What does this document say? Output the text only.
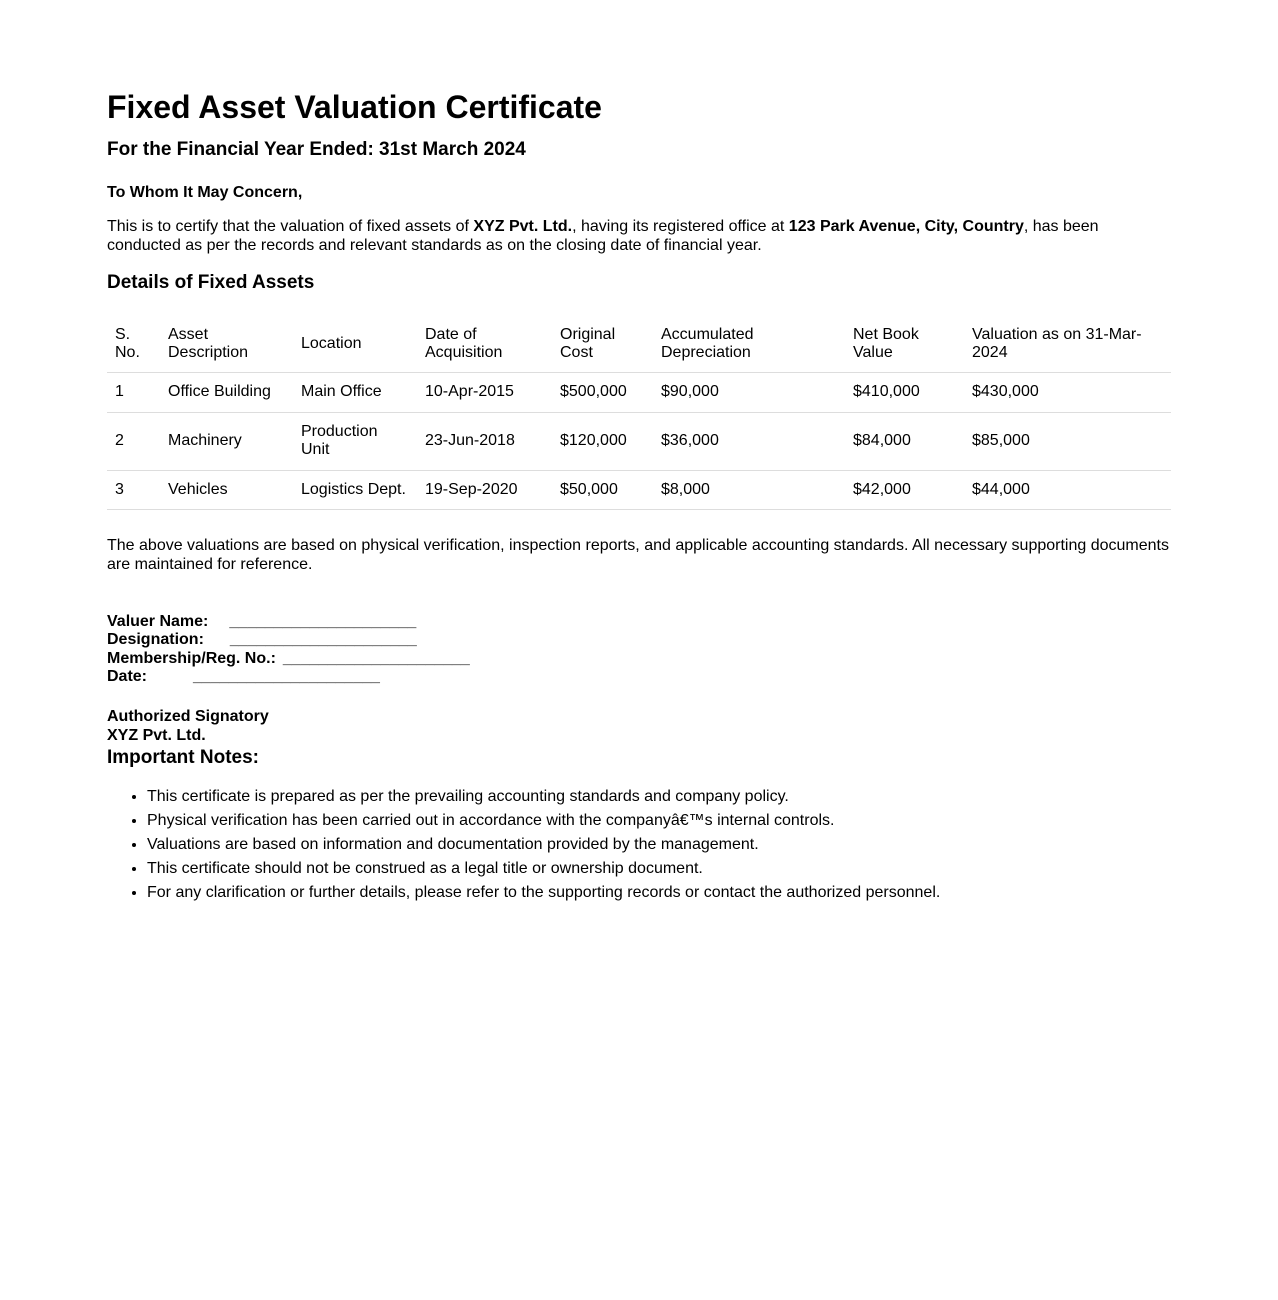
Fixed Asset Valuation Certificate
For the Financial Year Ended: 31st March 2024

To Whom It May Concern,

This is to certify that the valuation of fixed assets of XYZ Pvt. Ltd., having its registered office at 123 Park Avenue, City, Country, has been conducted as per the records and relevant standards as on the closing date of financial year.

Details of Fixed Assets
S. No.	Asset Description	Location	Date of Acquisition	Original Cost	Accumulated Depreciation	Net Book Value	Valuation as on 31-Mar-2024
1	Office Building	Main Office	10-Apr-2015	$500,000	$90,000	$410,000	$430,000
2	Machinery	Production Unit	23-Jun-2018	$120,000	$36,000	$84,000	$85,000
3	Vehicles	Logistics Dept.	19-Sep-2020	$50,000	$8,000	$42,000	$44,000

The above valuations are based on physical verification, inspection reports, and applicable accounting standards. All necessary supporting documents are maintained for reference.

Valuer Name: _____________________
Designation: _____________________
Membership/Reg. No.: _____________________
Date:	_____________________

Authorized Signatory
XYZ Pvt. Ltd.

Important Notes:
• This certificate is prepared as per the prevailing accounting standards and company policy.
• Physical verification has been carried out in accordance with the companyâ€™s internal controls.
• Valuations are based on information and documentation provided by the management.
• This certificate should not be construed as a legal title or ownership document.
• For any clarification or further details, please refer to the supporting records or contact the authorized personnel.
